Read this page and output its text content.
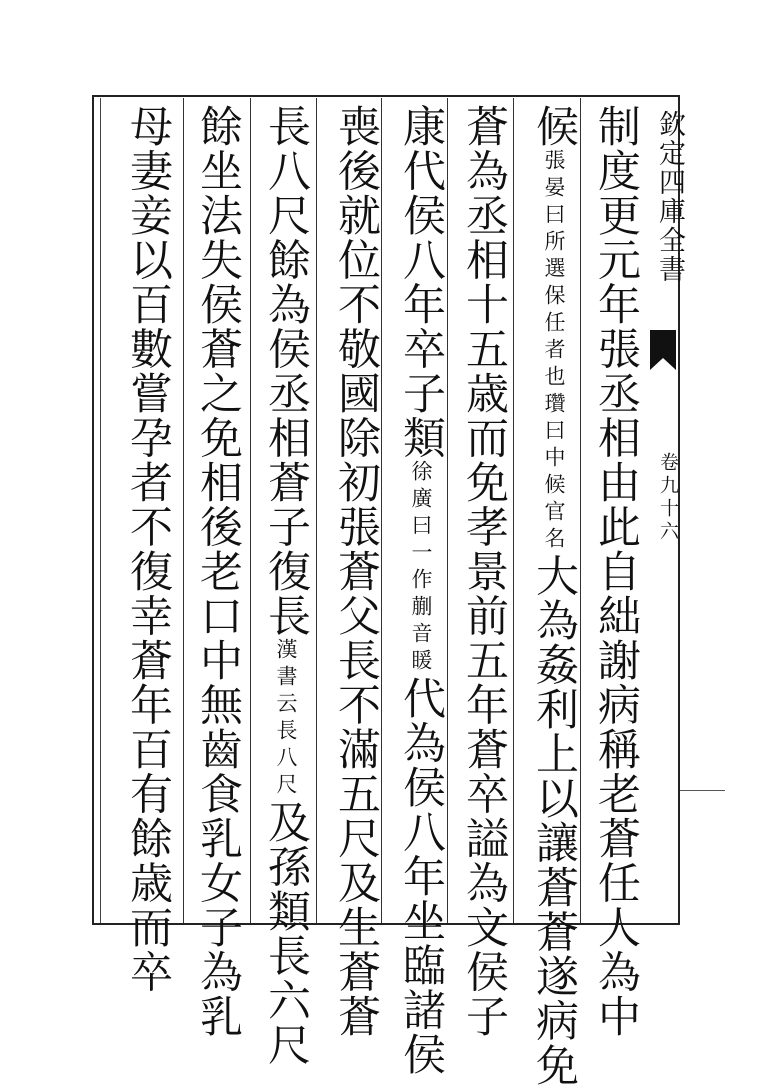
欽定四庫全書
卷九十六
制度更元年張丞相由此自絀謝病稱老蒼任人為中
候張晏曰所選保任者也瓚曰中候官名大為姦利上以讓蒼蒼遂病免
蒼為丞相十五歳而免孝景前五年蒼卒謚為文侯子
康代侯八年卒子類徐廣曰一作蒯音䁔代為侯八年坐臨諸侯
喪後就位不敬國除初張蒼父長不滿五尺及生蒼蒼
長八尺餘為侯丞相蒼子復長漢書云長八尺及孫類長六尺
餘坐法失侯蒼之免相後老口中無齒食乳女子為乳
母妻妾以百數嘗孕者不復幸蒼年百有餘歳而卒
